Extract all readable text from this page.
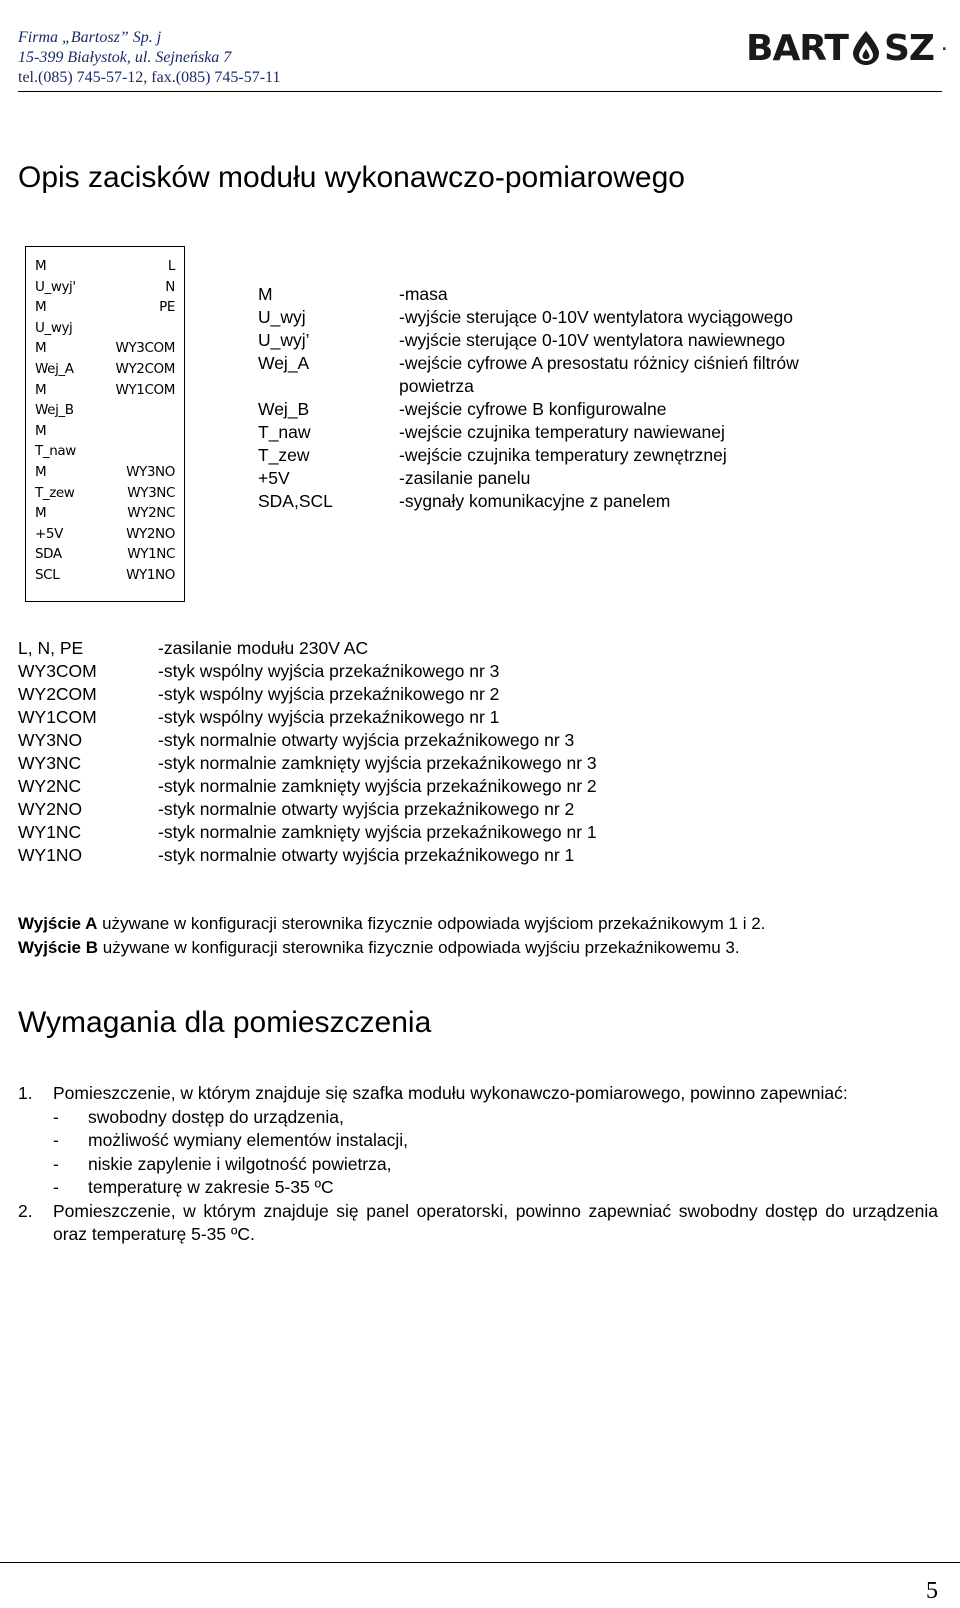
Firma „Bartosz” Sp. j
15-399 Białystok, ul. Sejneńska 7
tel.(085) 745-57-12, fax.(085) 745-57-11
BART SZ .
Opis zacisków modułu wykonawczo-pomiarowego
M	L
U_wyj'	N
M	PE
U_wyj
M	WY3COM
Wej_A	WY2COM
M	WY1COM
Wej_B
M
T_naw
M	WY3NO
T_zew	WY3NC
M	WY2NC
+5V	WY2NO
SDA	WY1NC
SCL	WY1NO
M	-masa
U_wyj	-wyjście sterujące 0-10V wentylatora wyciągowego
U_wyj’	-wyjście sterujące 0-10V wentylatora nawiewnego
Wej_A	-wejście cyfrowe A presostatu różnicy ciśnień filtrów
powietrza
Wej_B	-wejście cyfrowe B konfigurowalne
T_naw	-wejście czujnika temperatury nawiewanej
T_zew	-wejście czujnika temperatury zewnętrznej
+5V	-zasilanie panelu
SDA,SCL	-sygnały komunikacyjne z panelem
L, N, PE	-zasilanie modułu 230V AC
WY3COM	-styk wspólny wyjścia przekaźnikowego nr 3
WY2COM	-styk wspólny wyjścia przekaźnikowego nr 2
WY1COM	-styk wspólny wyjścia przekaźnikowego nr 1
WY3NO	-styk normalnie otwarty wyjścia przekaźnikowego nr 3
WY3NC	-styk normalnie zamknięty wyjścia przekaźnikowego nr 3
WY2NC	-styk normalnie zamknięty wyjścia przekaźnikowego nr 2
WY2NO	-styk normalnie otwarty wyjścia przekaźnikowego nr 2
WY1NC	-styk normalnie zamknięty wyjścia przekaźnikowego nr 1
WY1NO	-styk normalnie otwarty wyjścia przekaźnikowego nr 1
Wyjście A używane w konfiguracji sterownika fizycznie odpowiada wyjściom przekaźnikowym 1 i 2.
Wyjście B używane w konfiguracji sterownika fizycznie odpowiada wyjściu przekaźnikowemu 3.
Wymagania dla pomieszczenia
1. Pomieszczenie, w którym znajduje się szafka modułu wykonawczo-pomiarowego, powinno zapewniać:
- swobodny dostęp do urządzenia,
- możliwość wymiany elementów instalacji,
- niskie zapylenie i wilgotność powietrza,
- temperaturę w zakresie 5-35 ºC
2. Pomieszczenie, w którym znajduje się panel operatorski, powinno zapewniać swobodny dostęp do urządzenia oraz temperaturę 5-35 ºC.
5
